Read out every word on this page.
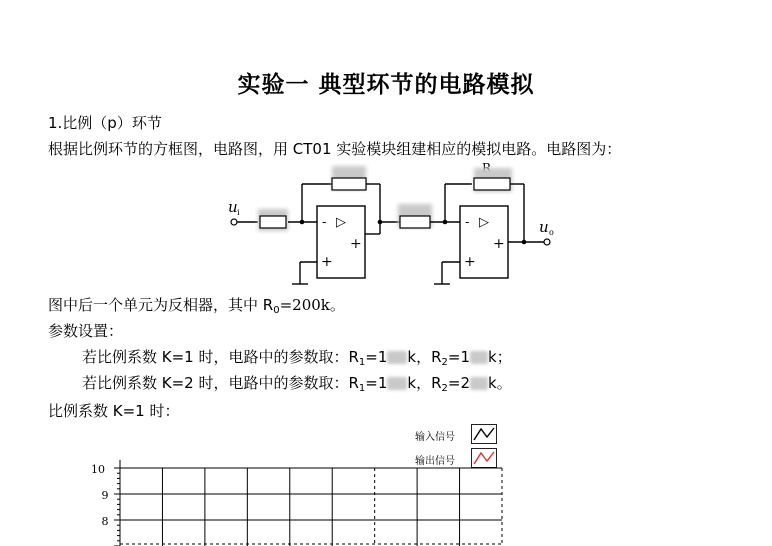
实验一 典型环节的电路模拟
1.比例（p）环节
根据比例环节的方框图，电路图，用 CT01 实验模块组建相应的模拟电路。电路图为：
u i
- ▷
+
+
- ▷
+
+
u o
图中后一个单元为反相器，其中 $R_0=200k$。
参数设置：
若比例系数 K=1 时，电路中的参数取：$R_1=1$ k，$R_2=1$ k；
若比例系数 K=2 时，电路中的参数取：$R_1=1$ k，$R_2=2$ k。
比例系数 K=1 时：
输入信号
输出信号
10
9
8
